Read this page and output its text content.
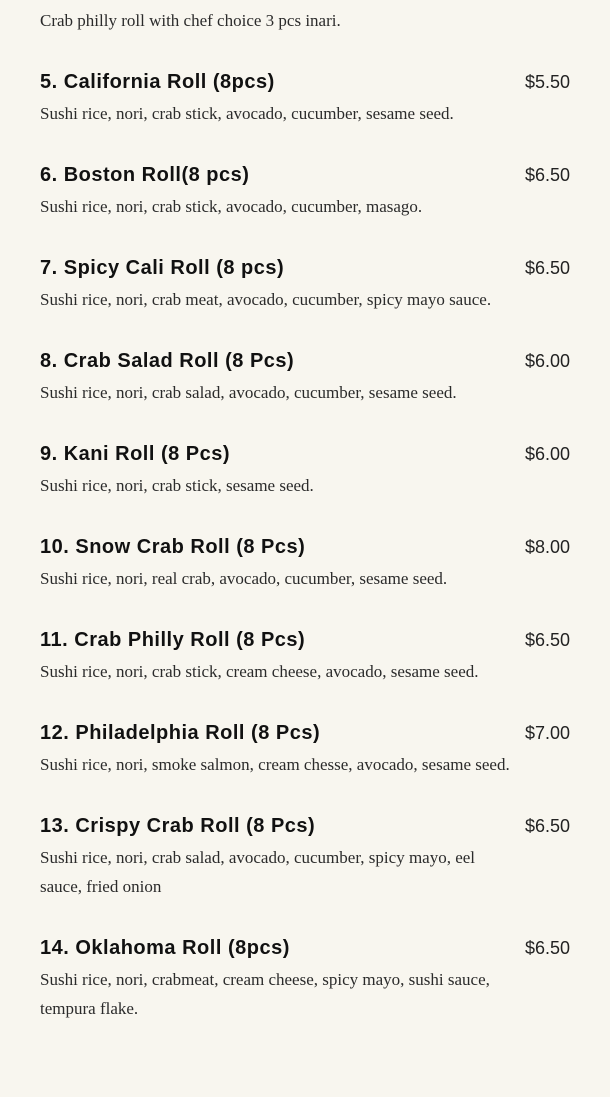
Crab philly roll with chef choice 3 pcs inari.

5. California Roll (8pcs)	$5.50

Sushi rice, nori, crab stick, avocado, cucumber, sesame seed.

6. Boston Roll(8 pcs)	$6.50

Sushi rice, nori, crab stick, avocado, cucumber, masago.

7. Spicy Cali Roll (8 pcs)	$6.50

Sushi rice, nori, crab meat, avocado, cucumber, spicy mayo sauce.

8. Crab Salad Roll (8 Pcs)	$6.00

Sushi rice, nori, crab salad, avocado, cucumber, sesame seed.

9. Kani Roll (8 Pcs)	$6.00

Sushi rice, nori, crab stick, sesame seed.

10. Snow Crab Roll (8 Pcs)	$8.00

Sushi rice, nori, real crab, avocado, cucumber, sesame seed.

11. Crab Philly Roll (8 Pcs)	$6.50

Sushi rice, nori, crab stick, cream cheese, avocado, sesame seed.

12. Philadelphia Roll (8 Pcs)	$7.00

Sushi rice, nori, smoke salmon, cream chesse, avocado, sesame seed.

13. Crispy Crab Roll (8 Pcs)	$6.50

Sushi rice, nori, crab salad, avocado, cucumber, spicy mayo, eel sauce, fried onion

14. Oklahoma Roll (8pcs)	$6.50

Sushi rice, nori, crabmeat, cream cheese, spicy mayo, sushi sauce, tempura flake.
